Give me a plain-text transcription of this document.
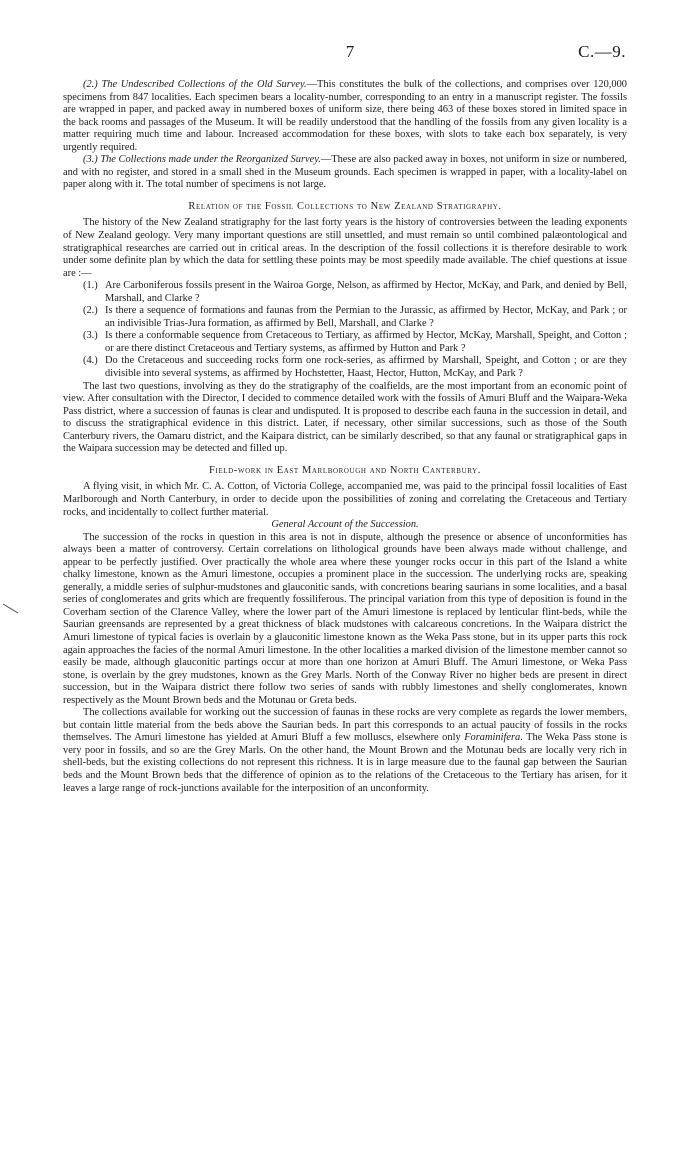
7	C.—9.

(2.) The Undescribed Collections of the Old Survey.—This constitutes the bulk of the collections, and comprises over 120,000 specimens from 847 localities. Each specimen bears a locality-number, corresponding to an entry in a manuscript register. The fossils are wrapped in paper, and packed away in numbered boxes of uniform size, there being 463 of these boxes stored in limited space in the back rooms and passages of the Museum. It will be readily understood that the handling of the fossils from any given locality is a matter requiring much time and labour. Increased accommodation for these boxes, with slots to take each box separately, is very urgently required.

(3.) The Collections made under the Reorganized Survey.—These are also packed away in boxes, not uniform in size or numbered, and with no register, and stored in a small shed in the Museum grounds. Each specimen is wrapped in paper, with a locality-label on paper along with it. The total number of specimens is not large.

Relation of the Fossil Collections to New Zealand Stratigraphy.

The history of the New Zealand stratigraphy for the last forty years is the history of controversies between the leading exponents of New Zealand geology. Very many important questions are still unsettled, and must remain so until combined palæontological and stratigraphical researches are carried out in critical areas. In the description of the fossil collections it is therefore desirable to work under some definite plan by which the data for settling these points may be most speedily made available. The chief questions at issue are :—

(1.) Are Carboniferous fossils present in the Wairoa Gorge, Nelson, as affirmed by Hector, McKay, and Park, and denied by Bell, Marshall, and Clarke ?
(2.) Is there a sequence of formations and faunas from the Permian to the Jurassic, as affirmed by Hector, McKay, and Park ; or an indivisible Trias-Jura formation, as affirmed by Bell, Marshall, and Clarke ?
(3.) Is there a conformable sequence from Cretaceous to Tertiary, as affirmed by Hector, McKay, Marshall, Speight, and Cotton ; or are there distinct Cretaceous and Tertiary systems, as affirmed by Hutton and Park ?
(4.) Do the Cretaceous and succeeding rocks form one rock-series, as affirmed by Marshall, Speight, and Cotton ; or are they divisible into several systems, as affirmed by Hochstetter, Haast, Hector, Hutton, McKay, and Park ?

The last two questions, involving as they do the stratigraphy of the coalfields, are the most important from an economic point of view. After consultation with the Director, I decided to commence detailed work with the fossils of Amuri Bluff and the Waipara-Weka Pass district, where a succession of faunas is clear and undisputed. It is proposed to describe each fauna in the succession in detail, and to discuss the stratigraphical evidence in this district. Later, if necessary, other similar successions, such as those of the South Canterbury rivers, the Oamaru district, and the Kaipara district, can be similarly described, so that any faunal or stratigraphical gaps in the Waipara succession may be detected and filled up.

Field-work in East Marlborough and North Canterbury.

A flying visit, in which Mr. C. A. Cotton, of Victoria College, accompanied me, was paid to the principal fossil localities of East Marlborough and North Canterbury, in order to decide upon the possibilities of zoning and correlating the Cretaceous and Tertiary rocks, and incidentally to collect further material.

General Account of the Succession.

The succession of the rocks in question in this area is not in dispute, although the presence or absence of unconformities has always been a matter of controversy. Certain correlations on lithological grounds have been always made without challenge, and appear to be perfectly justified. Over practically the whole area where these younger rocks occur in this part of the Island a white chalky limestone, known as the Amuri limestone, occupies a prominent place in the succession. The underlying rocks are, speaking generally, a middle series of sulphur-mudstones and glauconitic sands, with concretions bearing saurians in some localities, and a basal series of conglomerates and grits which are frequently fossiliferous. The principal variation from this type of deposition is found in the Coverham section of the Clarence Valley, where the lower part of the Amuri limestone is replaced by lenticular flint-beds, while the Saurian greensands are represented by a great thickness of black mudstones with calcareous concretions. In the Waipara district the Amuri limestone of typical facies is overlain by a glauconitic limestone known as the Weka Pass stone, but in its upper parts this rock again approaches the facies of the normal Amuri limestone. In the other localities a marked division of the limestone member cannot so easily be made, although glauconitic partings occur at more than one horizon at Amuri Bluff. The Amuri limestone, or Weka Pass stone, is overlain by the grey mudstones, known as the Grey Marls. North of the Conway River no higher beds are present in direct succession, but in the Waipara district there follow two series of sands with rubbly limestones and shelly conglomerates, known respectively as the Mount Brown beds and the Motunau or Greta beds.

The collections available for working out the succession of faunas in these rocks are very complete as regards the lower members, but contain little material from the beds above the Saurian beds. In part this corresponds to an actual paucity of fossils in the rocks themselves. The Amuri limestone has yielded at Amuri Bluff a few molluscs, elsewhere only Foraminifera. The Weka Pass stone is very poor in fossils, and so are the Grey Marls. On the other hand, the Mount Brown and the Motunau beds are locally very rich in shell-beds, but the existing collections do not represent this richness. It is in large measure due to the faunal gap between the Saurian beds and the Mount Brown beds that the difference of opinion as to the relations of the Cretaceous to the Tertiary has arisen, for it leaves a large range of rock-junctions available for the interposition of an unconformity.
